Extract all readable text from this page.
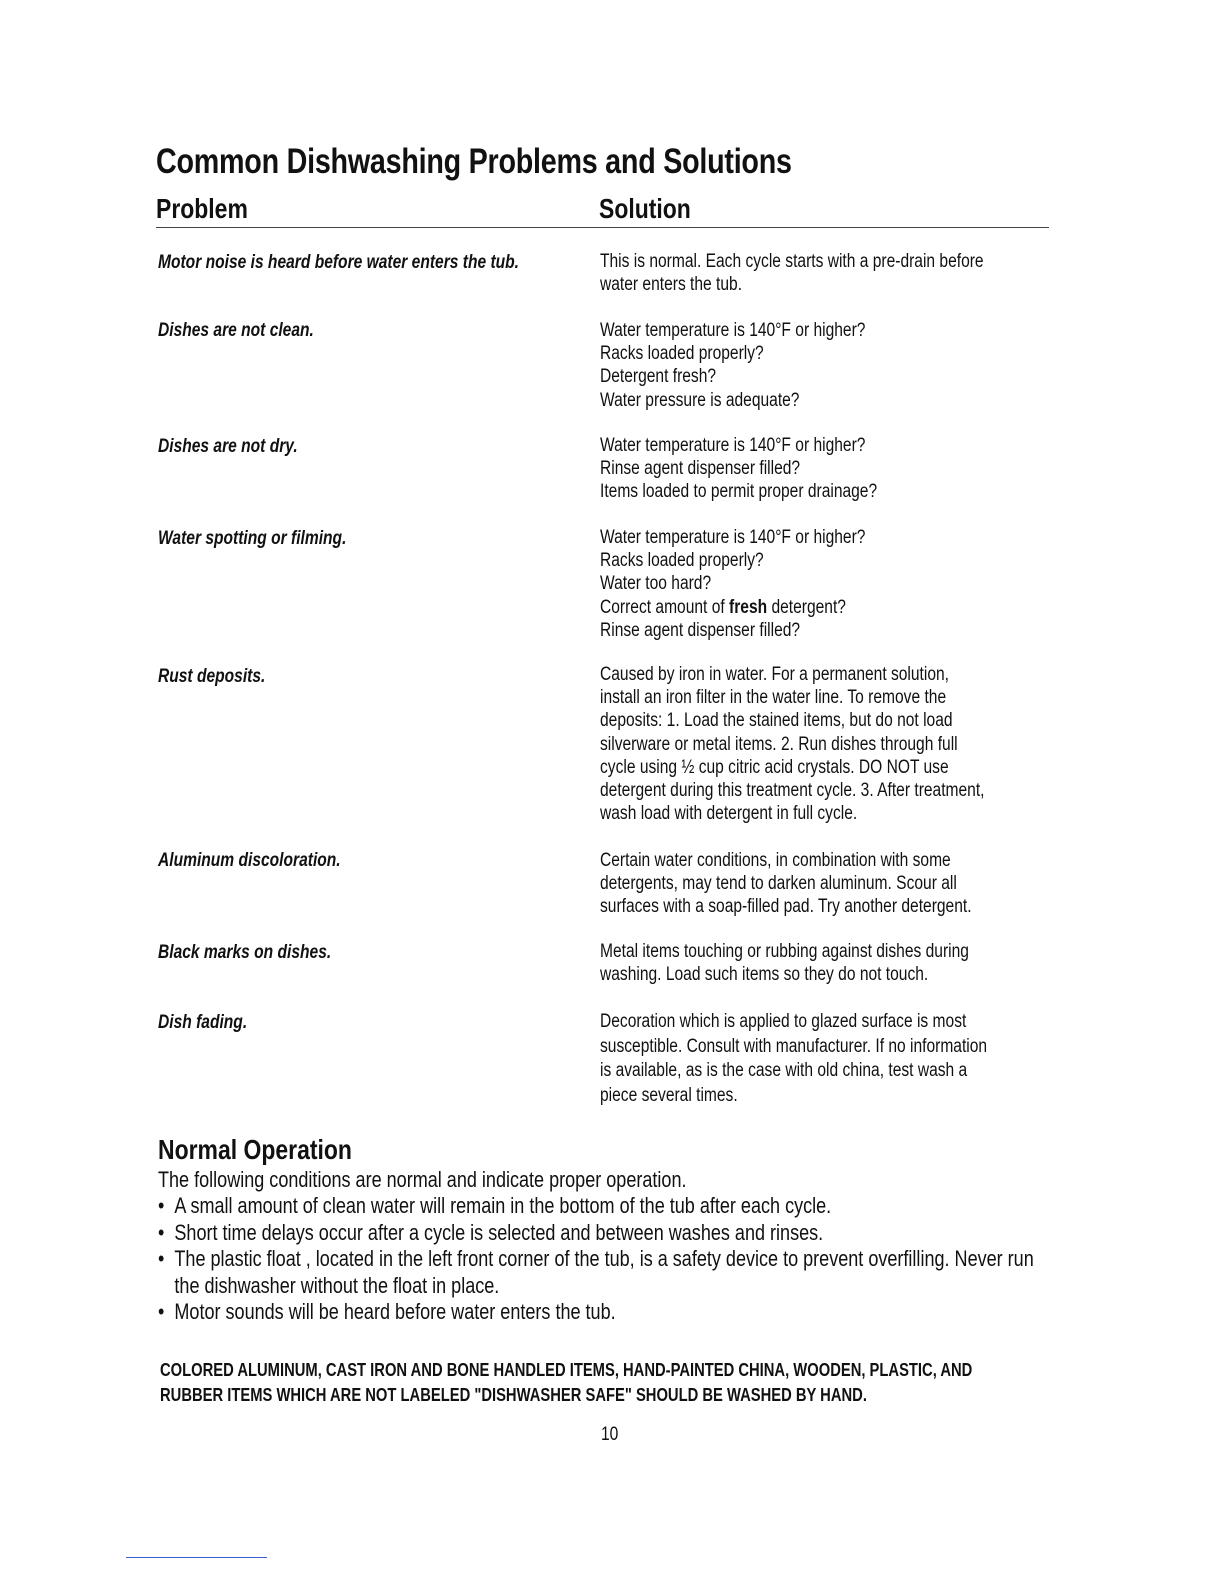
Common Dishwashing Problems and Solutions
Problem	Solution
Motor noise is heard before water enters the tub.	This is normal. Each cycle starts with a pre-drain before
water enters the tub.
Dishes are not clean.	Water temperature is 140°F or higher?
Racks loaded properly?
Detergent fresh?
Water pressure is adequate?
Dishes are not dry.	Water temperature is 140°F or higher?
Rinse agent dispenser filled?
Items loaded to permit proper drainage?
Water spotting or filming.	Water temperature is 140°F or higher?
Racks loaded properly?
Water too hard?
Correct amount of fresh detergent?
Rinse agent dispenser filled?
Rust deposits.	Caused by iron in water. For a permanent solution,
install an iron filter in the water line. To remove the
deposits: 1. Load the stained items, but do not load
silverware or metal items. 2. Run dishes through full
cycle using ½ cup citric acid crystals. DO NOT use
detergent during this treatment cycle. 3. After treatment,
wash load with detergent in full cycle.
Aluminum discoloration.	Certain water conditions, in combination with some
detergents, may tend to darken aluminum. Scour all
surfaces with a soap-filled pad. Try another detergent.
Black marks on dishes.	Metal items touching or rubbing against dishes during
washing. Load such items so they do not touch.
Dish fading.	Decoration which is applied to glazed surface is most
susceptible. Consult with manufacturer. If no information
is available, as is the case with old china, test wash a
piece several times.
Normal Operation
The following conditions are normal and indicate proper operation.
• A small amount of clean water will remain in the bottom of the tub after each cycle.
• Short time delays occur after a cycle is selected and between washes and rinses.
• The plastic float , located in the left front corner of the tub, is a safety device to prevent overfilling. Never run
the dishwasher without the float in place.
• Motor sounds will be heard before water enters the tub.
COLORED ALUMINUM, CAST IRON AND BONE HANDLED ITEMS, HAND-PAINTED CHINA, WOODEN, PLASTIC, AND
RUBBER ITEMS WHICH ARE NOT LABELED "DISHWASHER SAFE" SHOULD BE WASHED BY HAND.
10
